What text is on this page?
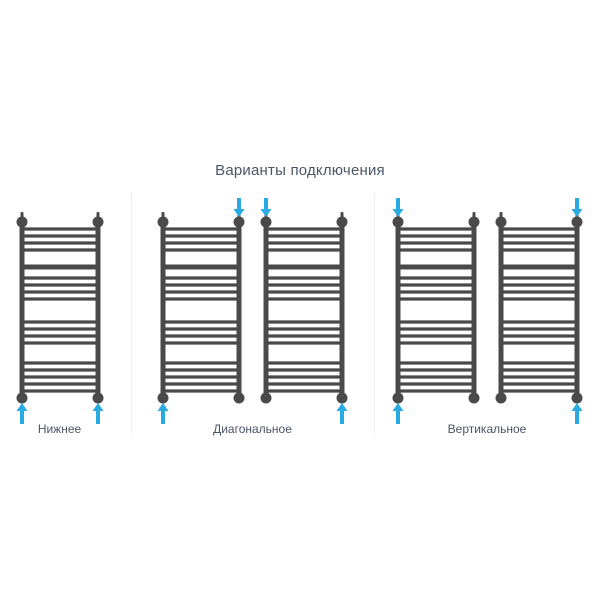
Варианты подключения
Нижнее	Диагональное	Вертикальное
